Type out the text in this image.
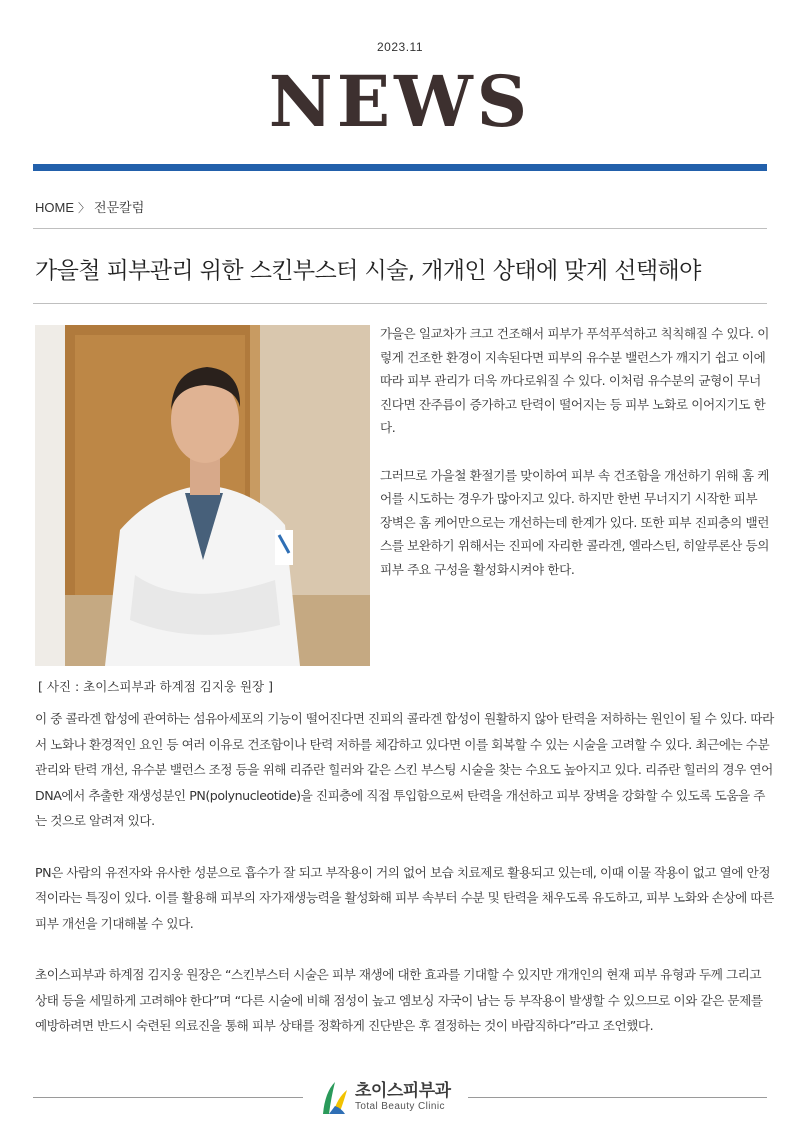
2023.11
NEWS
HOME 〉 전문칼럼
가을철 피부관리 위한 스킨부스터 시술, 개개인 상태에 맞게 선택해야
[ 사진 : 초이스피부과 하계점 김지웅 원장 ]

가을은 일교차가 크고 건조해서 피부가 푸석푸석하고 칙칙해질 수 있다. 이렇게 건조한 환경이 지속된다면 피부의 유수분 밸런스가 깨지기 쉽고 이에 따라 피부 관리가 더욱 까다로워질 수 있다. 이처럼 유수분의 균형이 무너진다면 잔주름이 증가하고 탄력이 떨어지는 등 피부 노화로 이어지기도 한다.

그러므로 가을철 환절기를 맞이하여 피부 속 건조함을 개선하기 위해 홈 케어를 시도하는 경우가 많아지고 있다. 하지만 한번 무너지기 시작한 피부 장벽은 홈 케어만으로는 개선하는데 한계가 있다. 또한 피부 진피층의 밸런스를 보완하기 위해서는 진피에 자리한 콜라겐, 엘라스틴, 히알루론산 등의 피부 주요 구성을 활성화시켜야 한다.

이 중 콜라겐 합성에 관여하는 섬유아세포의 기능이 떨어진다면 진피의 콜라겐 합성이 원활하지 않아 탄력을 저하하는 원인이 될 수 있다. 따라서 노화나 환경적인 요인 등 여러 이유로 건조함이나 탄력 저하를 체감하고 있다면 이를 회복할 수 있는 시술을 고려할 수 있다. 최근에는 수분관리와 탄력 개선, 유수분 밸런스 조정 등을 위해 리쥬란 힐러와 같은 스킨 부스팅 시술을 찾는 수요도 높아지고 있다. 리쥬란 힐러의 경우 연어 DNA에서 추출한 재생성분인 PN(polynucleotide)을 진피층에 직접 투입함으로써 탄력을 개선하고 피부 장벽을 강화할 수 있도록 도움을 주는 것으로 알려져 있다.

PN은 사람의 유전자와 유사한 성분으로 흡수가 잘 되고 부작용이 거의 없어 보습 치료제로 활용되고 있는데, 이때 이물 작용이 없고 열에 안정적이라는 특징이 있다. 이를 활용해 피부의 자가재생능력을 활성화해 피부 속부터 수분 및 탄력을 채우도록 유도하고, 피부 노화와 손상에 따른 피부 개선을 기대해볼 수 있다.

초이스피부과 하계점 김지웅 원장은 “스킨부스터 시술은 피부 재생에 대한 효과를 기대할 수 있지만 개개인의 현재 피부 유형과 두께 그리고 상태 등을 세밀하게 고려해야 한다”며 “다른 시술에 비해 점성이 높고 엠보싱 자국이 남는 등 부작용이 발생할 수 있으므로 이와 같은 문제를 예방하려면 반드시 숙련된 의료진을 통해 피부 상태를 정확하게 진단받은 후 결정하는 것이 바람직하다”라고 조언했다.

초이스피부과
Total Beauty Clinic
